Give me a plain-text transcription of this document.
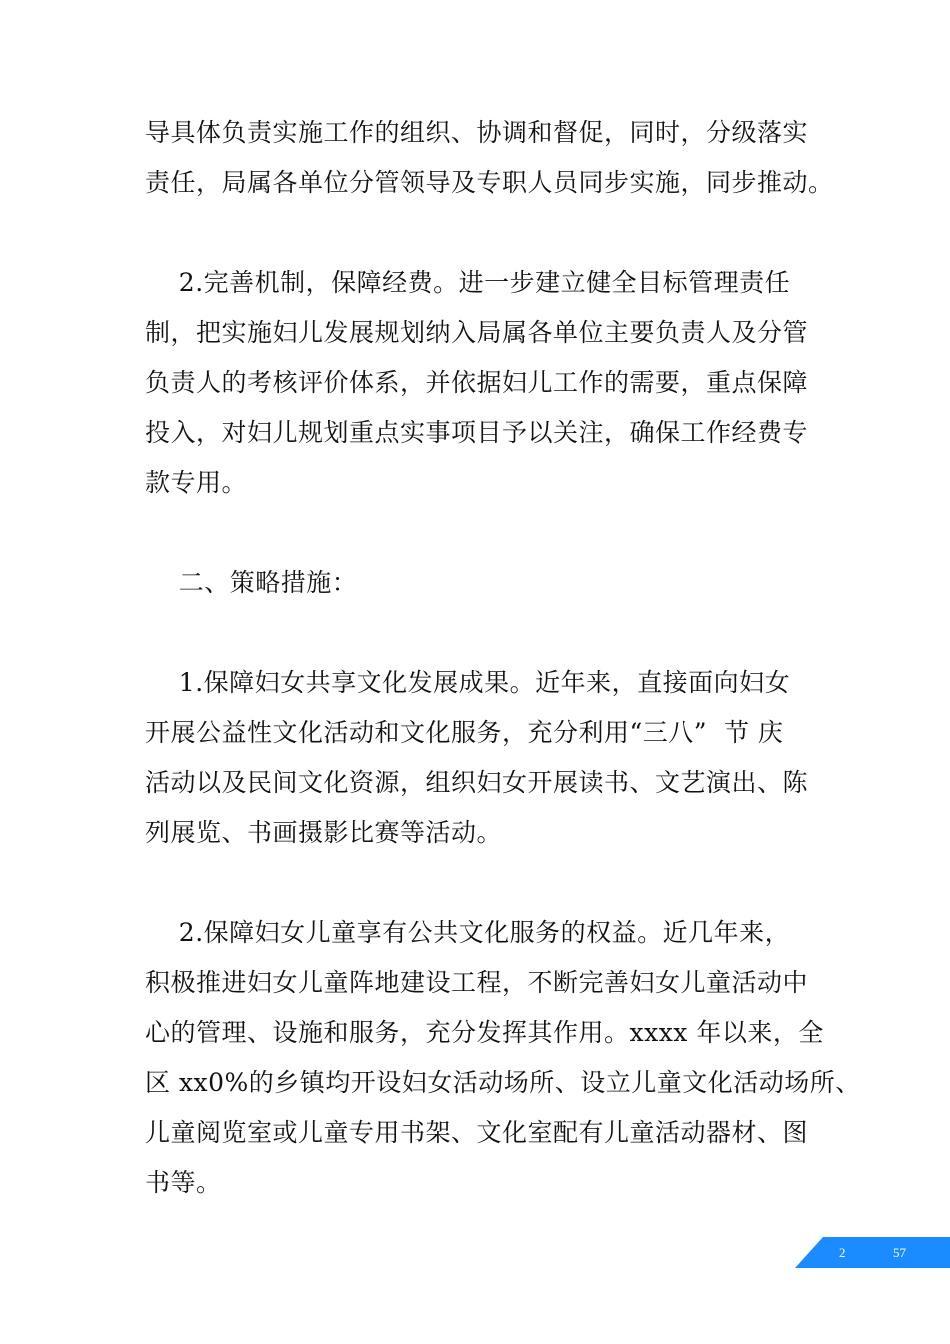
导具体负责实施工作的组织、协调和督促，同时，分级落实
责任，局属各单位分管领导及专职人员同步实施，同步推动。

2.完善机制，保障经费。进一步建立健全目标管理责任
制，把实施妇儿发展规划纳入局属各单位主要负责人及分管
负责人的考核评价体系，并依据妇儿工作的需要，重点保障
投入，对妇儿规划重点实事项目予以关注，确保工作经费专
款专用。

二、策略措施：

1.保障妇女共享文化发展成果。近年来，直接面向妇女
开展公益性文化活动和文化服务，充分利用“三八”  节 庆
活动以及民间文化资源，组织妇女开展读书、文艺演出、陈
列展览、书画摄影比赛等活动。

2.保障妇女儿童享有公共文化服务的权益。近几年来，
积极推进妇女儿童阵地建设工程，不断完善妇女儿童活动中
心的管理、设施和服务，充分发挥其作用。xxxx 年以来，全
区 xx0%的乡镇均开设妇女活动场所、设立儿童文化活动场所、
儿童阅览室或儿童专用书架、文化室配有儿童活动器材、图
书等。

2	57
